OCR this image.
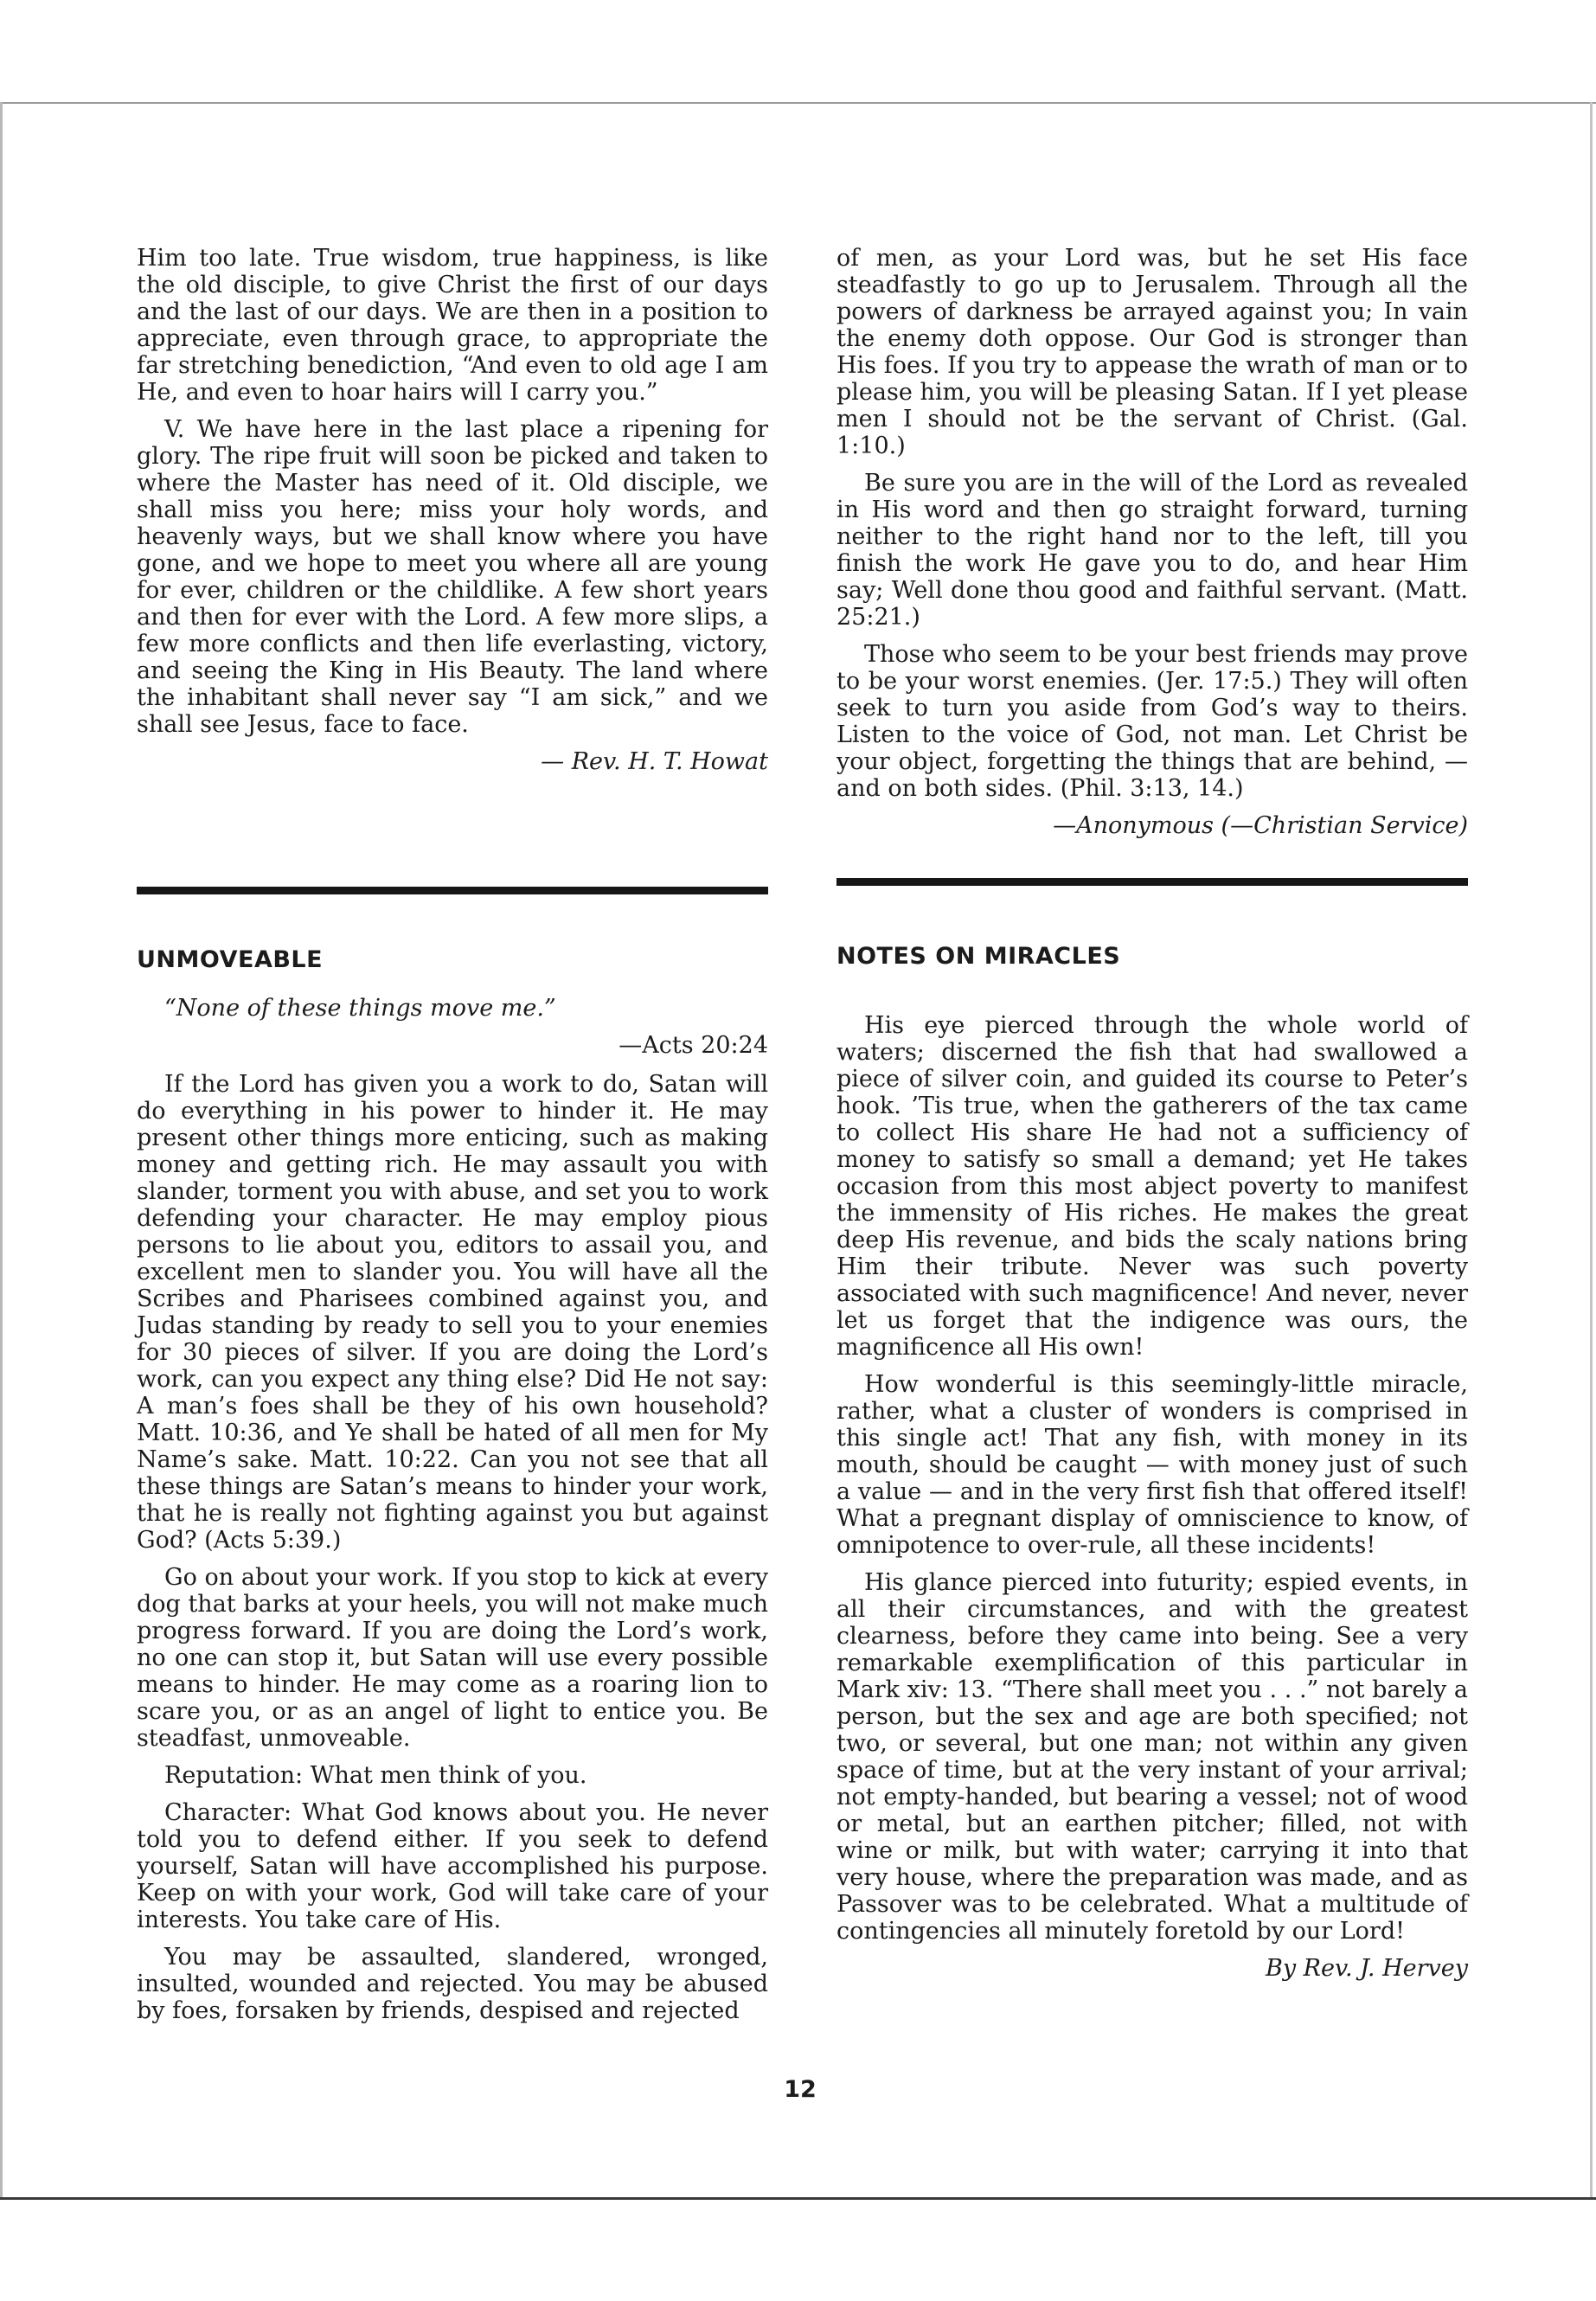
Him too late. True wisdom, true happiness, is like the old disciple, to give Christ the first of our days and the last of our days. We are then in a position to appreciate, even through grace, to appropriate the far stretching benediction, “And even to old age I am He, and even to hoar hairs will I carry you.”

V. We have here in the last place a ripening for glory. The ripe fruit will soon be picked and taken to where the Master has need of it. Old disciple, we shall miss you here; miss your holy words, and heavenly ways, but we shall know where you have gone, and we hope to meet you where all are young for ever, children or the childlike. A few short years and then for ever with the Lord. A few more slips, a few more conflicts and then life everlasting, victory, and seeing the King in His Beauty. The land where the inhabitant shall never say “I am sick,” and we shall see Jesus, face to face.

— Rev. H. T. Howat

of men, as your Lord was, but he set His face steadfastly to go up to Jerusalem. Through all the powers of darkness be arrayed against you; In vain the enemy doth oppose. Our God is stronger than His foes. If you try to appease the wrath of man or to please him, you will be pleasing Satan. If I yet please men I should not be the servant of Christ. (Gal. 1:10.)

Be sure you are in the will of the Lord as revealed in His word and then go straight forward, turning neither to the right hand nor to the left, till you finish the work He gave you to do, and hear Him say; Well done thou good and faithful servant. (Matt. 25:21.)

Those who seem to be your best friends may prove to be your worst enemies. (Jer. 17:5.) They will often seek to turn you aside from God’s way to theirs. Listen to the voice of God, not man. Let Christ be your object, forgetting the things that are behind, — and on both sides. (Phil. 3:13, 14.)

—Anonymous (—Christian Service)
UNMOVEABLE

“None of these things move me.”

—Acts 20:24

If the Lord has given you a work to do, Satan will do everything in his power to hinder it. He may present other things more enticing, such as making money and getting rich. He may assault you with slander, torment you with abuse, and set you to work defending your character. He may employ pious persons to lie about you, editors to assail you, and excellent men to slander you. You will have all the Scribes and Pharisees combined against you, and Judas standing by ready to sell you to your enemies for 30 pieces of silver. If you are doing the Lord’s work, can you expect any thing else? Did He not say: A man’s foes shall be they of his own household? Matt. 10:36, and Ye shall be hated of all men for My Name’s sake. Matt. 10:22. Can you not see that all these things are Satan’s means to hinder your work, that he is really not fighting against you but against God? (Acts 5:39.)

Go on about your work. If you stop to kick at every dog that barks at your heels, you will not make much progress forward. If you are doing the Lord’s work, no one can stop it, but Satan will use every possible means to hinder. He may come as a roaring lion to scare you, or as an angel of light to entice you. Be steadfast, unmoveable.

Reputation: What men think of you.

Character: What God knows about you. He never told you to defend either. If you seek to defend yourself, Satan will have accomplished his purpose. Keep on with your work, God will take care of your interests. You take care of His.

You may be assaulted, slandered, wronged, insulted, wounded and rejected. You may be abused by foes, forsaken by friends, despised and rejected

NOTES ON MIRACLES

His eye pierced through the whole world of waters; discerned the fish that had swallowed a piece of silver coin, and guided its course to Peter’s hook. ’Tis true, when the gatherers of the tax came to collect His share He had not a sufficiency of money to satisfy so small a demand; yet He takes occasion from this most abject poverty to manifest the immensity of His riches. He makes the great deep His revenue, and bids the scaly nations bring Him their tribute. Never was such poverty associated with such magnificence! And never, never let us forget that the indigence was ours, the magnificence all His own!

How wonderful is this seemingly-little miracle, rather, what a cluster of wonders is comprised in this single act! That any fish, with money in its mouth, should be caught — with money just of such a value — and in the very first fish that offered itself! What a pregnant display of omniscience to know, of omnipotence to over-rule, all these incidents!

His glance pierced into futurity; espied events, in all their circumstances, and with the greatest clearness, before they came into being. See a very remarkable exemplification of this particular in Mark xiv: 13. “There shall meet you . . .” not barely a person, but the sex and age are both specified; not two, or several, but one man; not within any given space of time, but at the very instant of your arrival; not empty-handed, but bearing a vessel; not of wood or metal, but an earthen pitcher; filled, not with wine or milk, but with water; carrying it into that very house, where the preparation was made, and as Passover was to be celebrated. What a multitude of contingencies all minutely foretold by our Lord!

By Rev. J. Hervey
12
